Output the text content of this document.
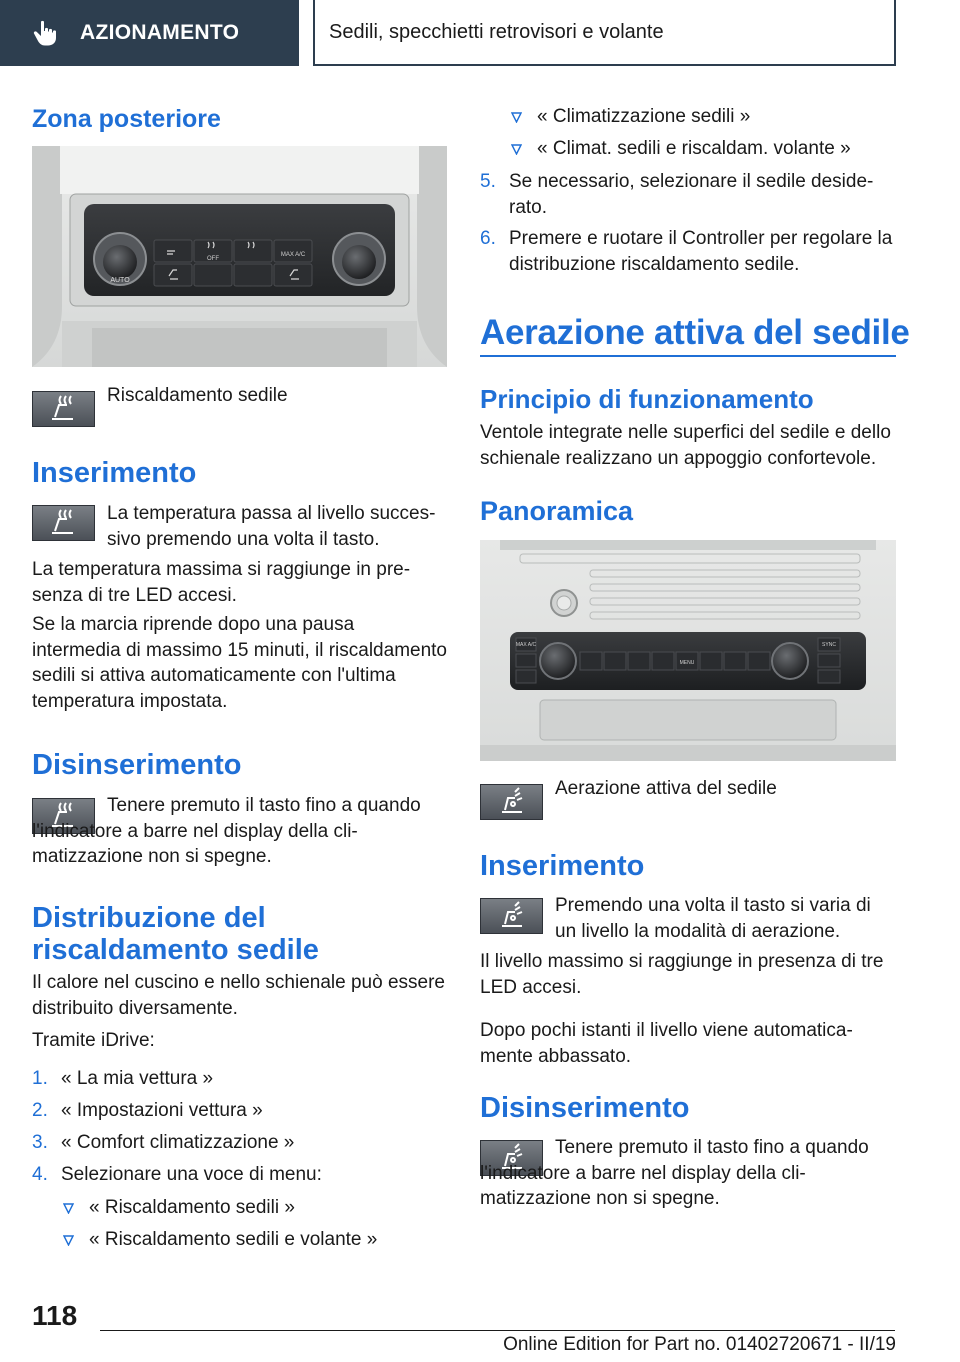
AZIONAMENTO	Sedili, specchietti retrovisori e volante
Zona posteriore
AUTO
OFF
MAX A/C
Riscaldamento sedile
Inserimento
La temperatura passa al livello successivo premendo una volta il tasto.
La temperatura massima si raggiunge in presenza di tre LED accesi.
Se la marcia riprende dopo una pausa intermedia di massimo 15 minuti, il riscaldamento sedili si attiva automaticamente con l'ultima temperatura impostata.
Disinserimento
Tenere premuto il tasto fino a quando l'indicatore a barre nel display della climatizzazione non si spegne.
Distribuzione del riscaldamento sedile
Il calore nel cuscino e nello schienale può essere distribuito diversamente.
Tramite iDrive:
1. « La mia vettura »
2. « Impostazioni vettura »
3. « Comfort climatizzazione »
4. Selezionare una voce di menu:
« Riscaldamento sedili »
« Riscaldamento sedili e volante »
« Climatizzazione sedili »
« Climat. sedili e riscaldam. volante »
5. Se necessario, selezionare il sedile desiderato.
6. Premere e ruotare il Controller per regolare la distribuzione riscaldamento sedile.
Aerazione attiva del sedile
Principio di funzionamento
Ventole integrate nelle superfici del sedile e dello schienale realizzano un appoggio confortevole.
Panoramica
MAX A/C
MENU
SYNC
Aerazione attiva del sedile
Inserimento
Premendo una volta il tasto si varia di un livello la modalità di aerazione.
Il livello massimo si raggiunge in presenza di tre LED accesi.
Dopo pochi istanti il livello viene automaticamente abbassato.
Disinserimento
Tenere premuto il tasto fino a quando l'indicatore a barre nel display della climatizzazione non si spegne.
118
Online Edition for Part no. 01402720671 - II/19
